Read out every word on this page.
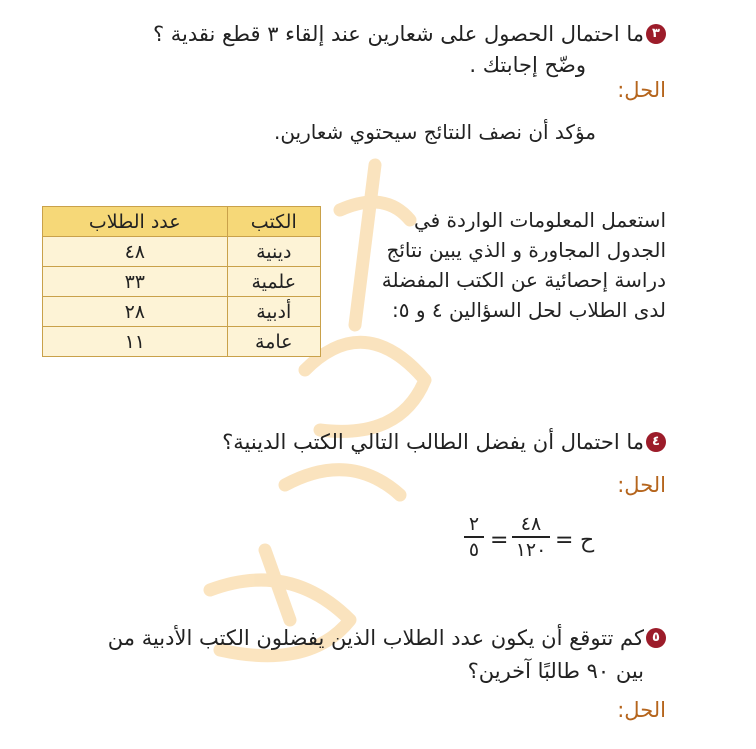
٣
ما احتمال الحصول على شعارين عند إلقاء ٣ قطع نقدية ؟
وضّح إجابتك .
الحل:
مؤكد أن نصف النتائج سيحتوي شعارين.
استعمل المعلومات الواردة في
الجدول المجاورة و الذي يبين نتائج
دراسة إحصائية عن الكتب المفضلة
لدى الطلاب لحل السؤالين ٤ و ٥:
الكتب	عدد الطلاب
دينية	٤٨
علمية	٣٣
أدبية	٢٨
عامة	١١
٤
ما احتمال أن يفضل الطالب التالي الكتب الدينية؟
الحل:
ح
=
٤٨
١٢٠
=
٢
٥
٥
كم تتوقع أن يكون عدد الطلاب الذين يفضلون الكتب الأدبية من
بين ٩٠ طالبًا آخرين؟
الحل:
